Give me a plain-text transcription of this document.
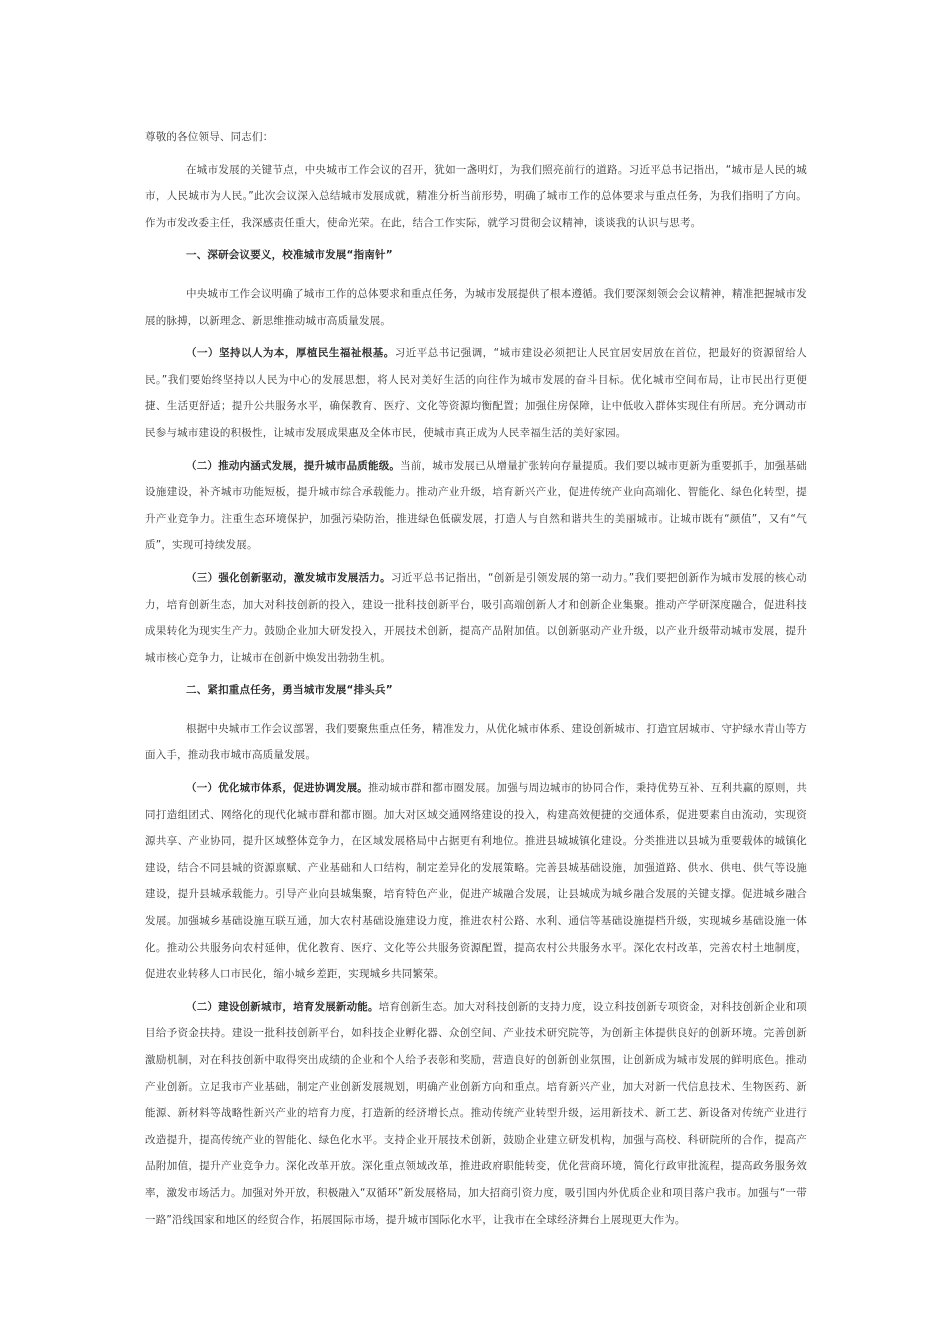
尊敬的各位领导、同志们：

在城市发展的关键节点，中央城市工作会议的召开，犹如一盏明灯，为我们照亮前行的道路。习近平总书记指出，“城市是人民的城市，人民城市为人民。”此次会议深入总结城市发展成就，精准分析当前形势，明确了城市工作的总体要求与重点任务，为我们指明了方向。作为市发改委主任，我深感责任重大，使命光荣。在此，结合工作实际，就学习贯彻会议精神，谈谈我的认识与思考。

一、深研会议要义，校准城市发展“指南针”

中央城市工作会议明确了城市工作的总体要求和重点任务，为城市发展提供了根本遵循。我们要深刻领会会议精神，精准把握城市发展的脉搏，以新理念、新思维推动城市高质量发展。

（一）坚持以人为本，厚植民生福祉根基。习近平总书记强调，“城市建设必须把让人民宜居安居放在首位，把最好的资源留给人民。”我们要始终坚持以人民为中心的发展思想，将人民对美好生活的向往作为城市发展的奋斗目标。优化城市空间布局，让市民出行更便捷、生活更舒适；提升公共服务水平，确保教育、医疗、文化等资源均衡配置；加强住房保障，让中低收入群体实现住有所居。充分调动市民参与城市建设的积极性，让城市发展成果惠及全体市民，使城市真正成为人民幸福生活的美好家园。

（二）推动内涵式发展，提升城市品质能级。当前，城市发展已从增量扩张转向存量提质。我们要以城市更新为重要抓手，加强基础设施建设，补齐城市功能短板，提升城市综合承载能力。推动产业升级，培育新兴产业，促进传统产业向高端化、智能化、绿色化转型，提升产业竞争力。注重生态环境保护，加强污染防治，推进绿色低碳发展，打造人与自然和谐共生的美丽城市。让城市既有“颜值”，又有“气质”，实现可持续发展。

（三）强化创新驱动，激发城市发展活力。习近平总书记指出，“创新是引领发展的第一动力。”我们要把创新作为城市发展的核心动力，培育创新生态，加大对科技创新的投入，建设一批科技创新平台，吸引高端创新人才和创新企业集聚。推动产学研深度融合，促进科技成果转化为现实生产力。鼓励企业加大研发投入，开展技术创新，提高产品附加值。以创新驱动产业升级，以产业升级带动城市发展，提升城市核心竞争力，让城市在创新中焕发出勃勃生机。

二、紧扣重点任务，勇当城市发展“排头兵”

根据中央城市工作会议部署，我们要聚焦重点任务，精准发力，从优化城市体系、建设创新城市、打造宜居城市、守护绿水青山等方面入手，推动我市城市高质量发展。

（一）优化城市体系，促进协调发展。推动城市群和都市圈发展。加强与周边城市的协同合作，秉持优势互补、互利共赢的原则，共同打造组团式、网络化的现代化城市群和都市圈。加大对区域交通网络建设的投入，构建高效便捷的交通体系，促进要素自由流动，实现资源共享、产业协同，提升区域整体竞争力，在区域发展格局中占据更有利地位。推进县城城镇化建设。分类推进以县城为重要载体的城镇化建设，结合不同县城的资源禀赋、产业基础和人口结构，制定差异化的发展策略。完善县城基础设施，加强道路、供水、供电、供气等设施建设，提升县城承载能力。引导产业向县城集聚，培育特色产业，促进产城融合发展，让县城成为城乡融合发展的关键支撑。促进城乡融合发展。加强城乡基础设施互联互通，加大农村基础设施建设力度，推进农村公路、水利、通信等基础设施提档升级，实现城乡基础设施一体化。推动公共服务向农村延伸，优化教育、医疗、文化等公共服务资源配置，提高农村公共服务水平。深化农村改革，完善农村土地制度，促进农业转移人口市民化，缩小城乡差距，实现城乡共同繁荣。

（二）建设创新城市，培育发展新动能。培育创新生态。加大对科技创新的支持力度，设立科技创新专项资金，对科技创新企业和项目给予资金扶持。建设一批科技创新平台，如科技企业孵化器、众创空间、产业技术研究院等，为创新主体提供良好的创新环境。完善创新激励机制，对在科技创新中取得突出成绩的企业和个人给予表彰和奖励，营造良好的创新创业氛围，让创新成为城市发展的鲜明底色。推动产业创新。立足我市产业基础，制定产业创新发展规划，明确产业创新方向和重点。培育新兴产业，加大对新一代信息技术、生物医药、新能源、新材料等战略性新兴产业的培育力度，打造新的经济增长点。推动传统产业转型升级，运用新技术、新工艺、新设备对传统产业进行改造提升，提高传统产业的智能化、绿色化水平。支持企业开展技术创新，鼓励企业建立研发机构，加强与高校、科研院所的合作，提高产品附加值，提升产业竞争力。深化改革开放。深化重点领域改革，推进政府职能转变，优化营商环境，简化行政审批流程，提高政务服务效率，激发市场活力。加强对外开放，积极融入“双循环”新发展格局，加大招商引资力度，吸引国内外优质企业和项目落户我市。加强与“一带一路”沿线国家和地区的经贸合作，拓展国际市场，提升城市国际化水平，让我市在全球经济舞台上展现更大作为。
